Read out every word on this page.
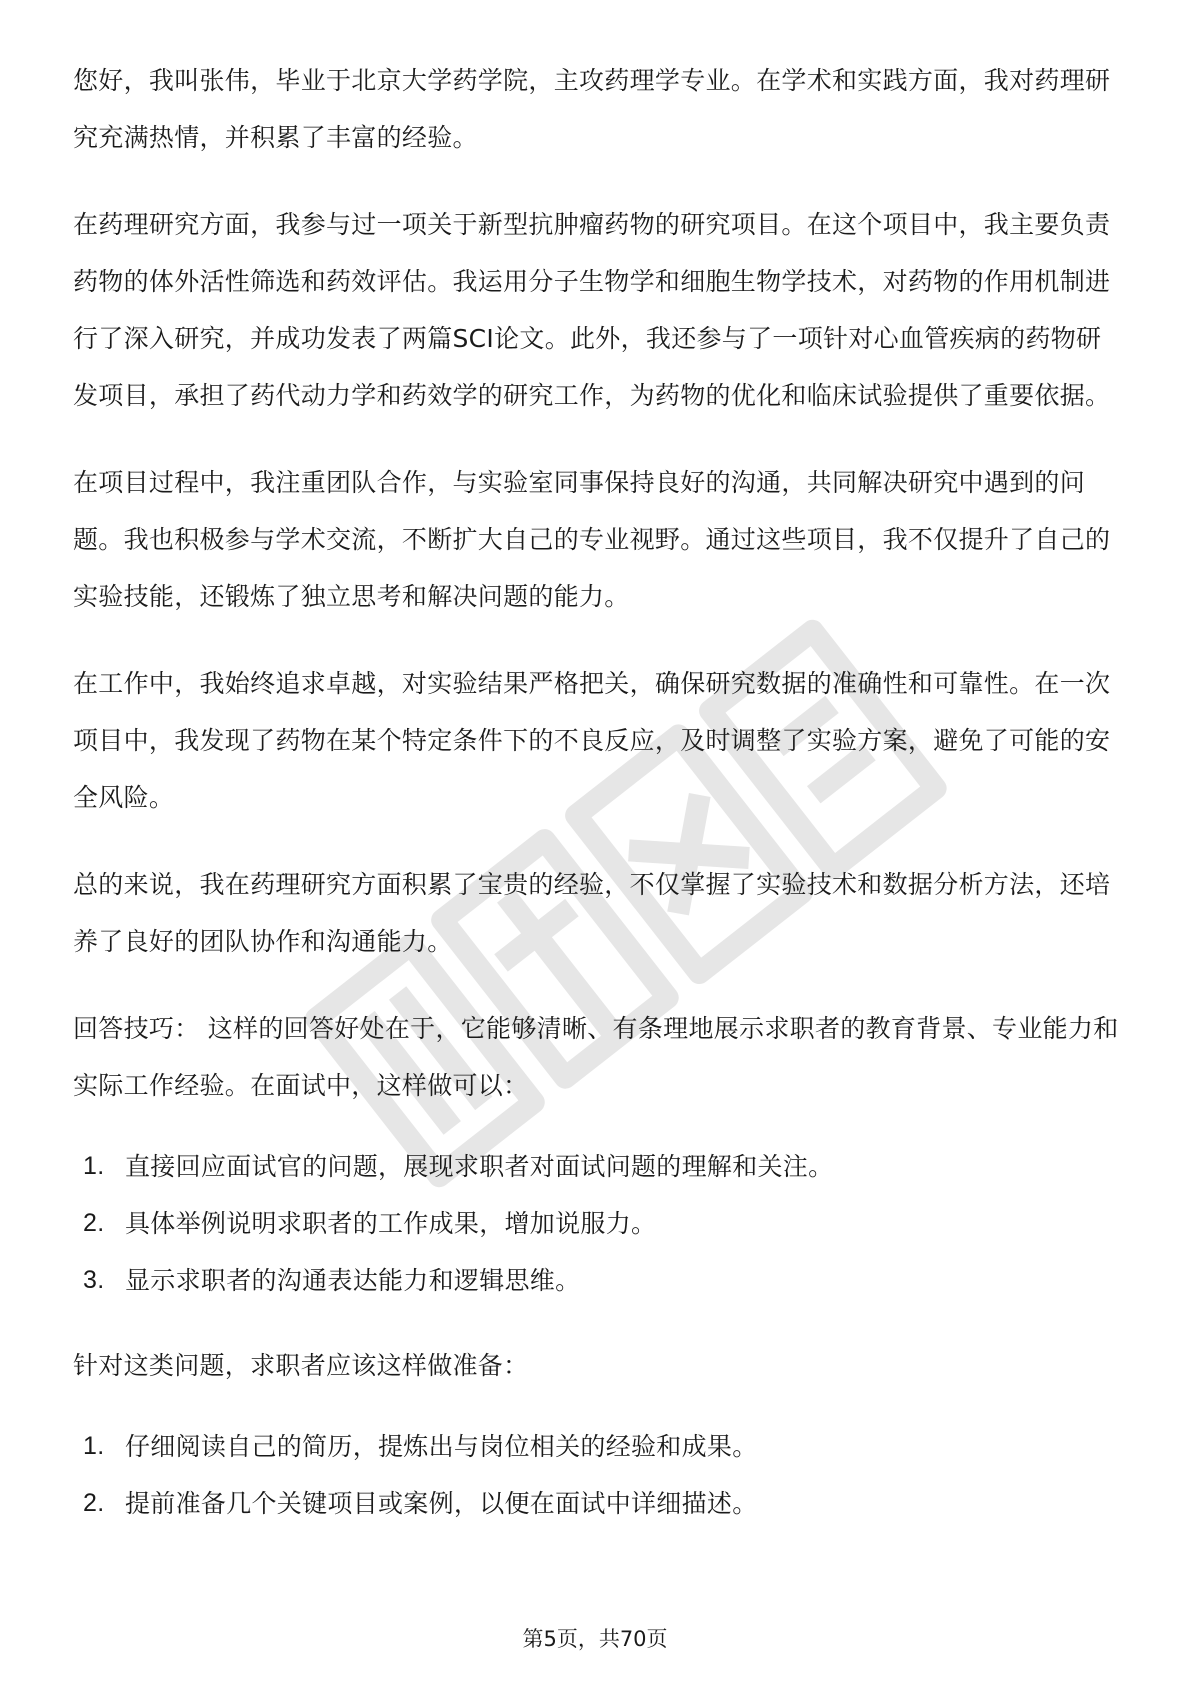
您好，我叫张伟，毕业于北京大学药学院，主攻药理学专业。在学术和实践方面，我对药理研究充满热情，并积累了丰富的经验。

在药理研究方面，我参与过一项关于新型抗肿瘤药物的研究项目。在这个项目中，我主要负责药物的体外活性筛选和药效评估。我运用分子生物学和细胞生物学技术，对药物的作用机制进行了深入研究，并成功发表了两篇SCI论文。此外，我还参与了一项针对心血管疾病的药物研发项目，承担了药代动力学和药效学的研究工作，为药物的优化和临床试验提供了重要依据。

在项目过程中，我注重团队合作，与实验室同事保持良好的沟通，共同解决研究中遇到的问题。我也积极参与学术交流，不断扩大自己的专业视野。通过这些项目，我不仅提升了自己的实验技能，还锻炼了独立思考和解决问题的能力。

在工作中，我始终追求卓越，对实验结果严格把关，确保研究数据的准确性和可靠性。在一次项目中，我发现了药物在某个特定条件下的不良反应，及时调整了实验方案，避免了可能的安全风险。

总的来说，我在药理研究方面积累了宝贵的经验，不仅掌握了实验技术和数据分析方法，还培养了良好的团队协作和沟通能力。

回答技巧： 这样的回答好处在于，它能够清晰、有条理地展示求职者的教育背景、专业能力和实际工作经验。在面试中，这样做可以：

1. 直接回应面试官的问题，展现求职者对面试问题的理解和关注。
2. 具体举例说明求职者的工作成果，增加说服力。
3. 显示求职者的沟通表达能力和逻辑思维。

针对这类问题，求职者应该这样做准备：

1. 仔细阅读自己的简历，提炼出与岗位相关的经验和成果。
2. 提前准备几个关键项目或案例，以便在面试中详细描述。
第5页，共70页
